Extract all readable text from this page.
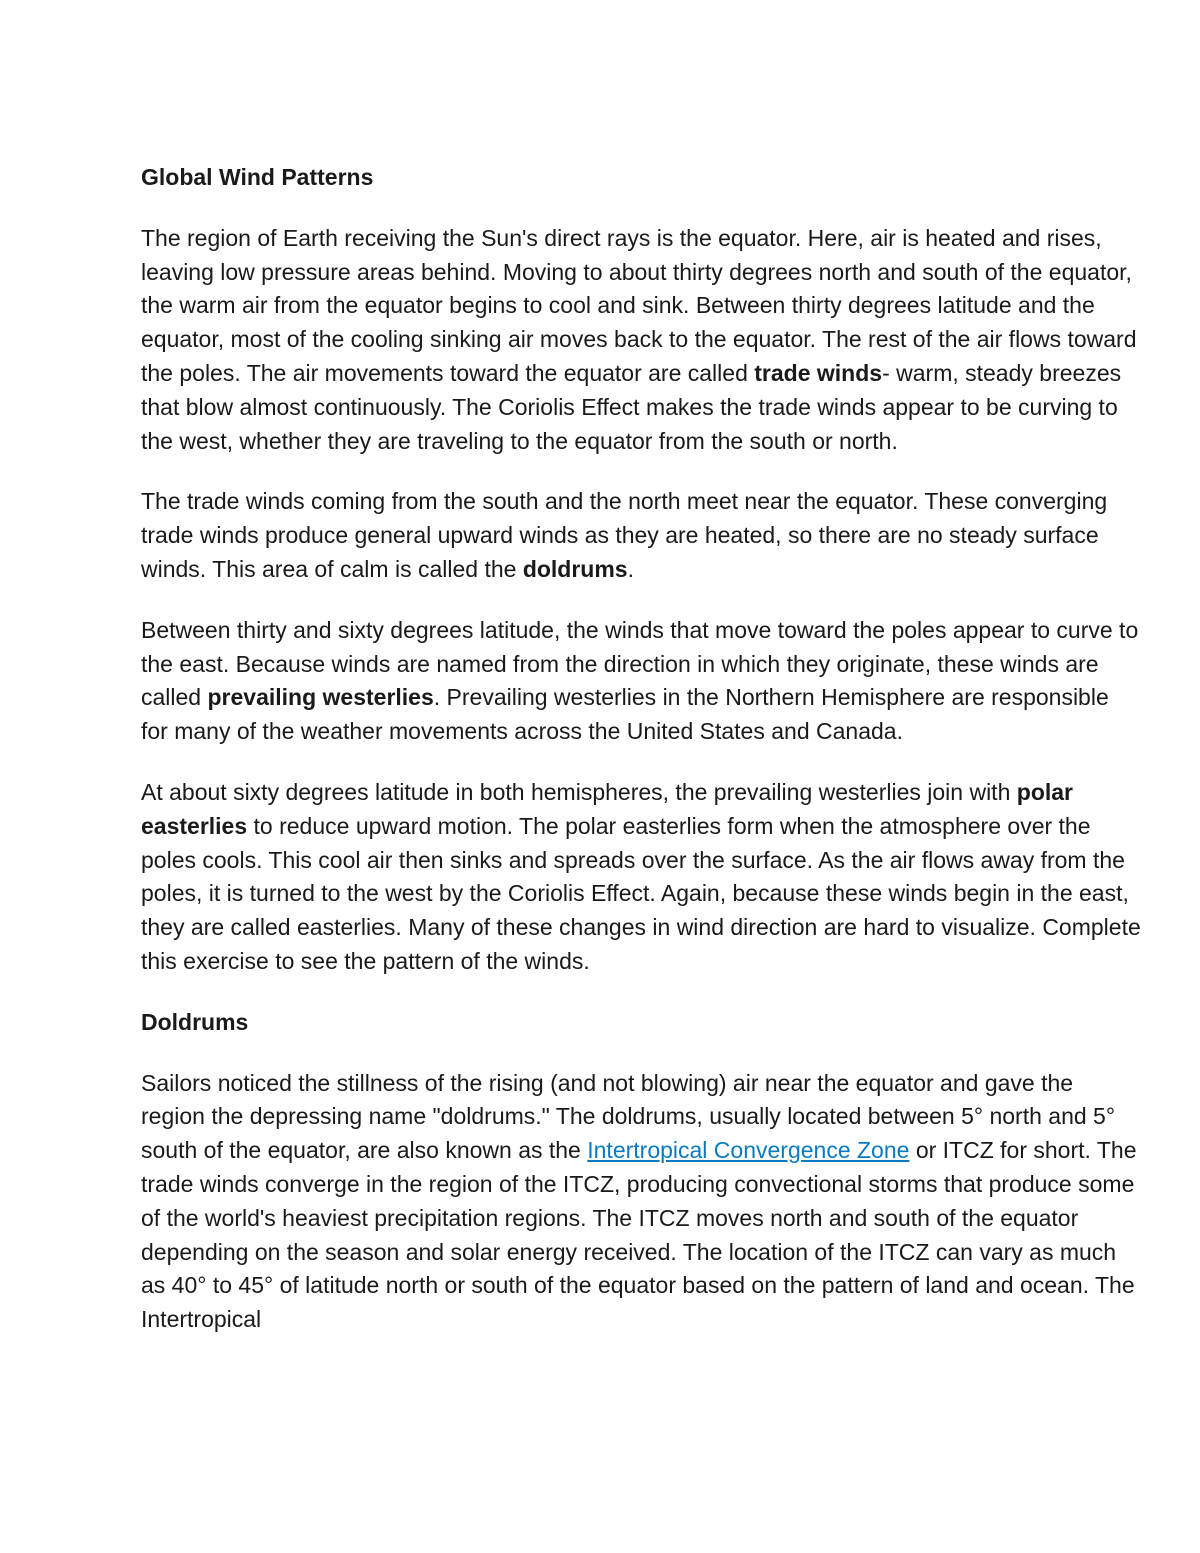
Global Wind Patterns

The region of Earth receiving the Sun's direct rays is the equator. Here, air is heated and rises, leaving low pressure areas behind. Moving to about thirty degrees north and south of the equator, the warm air from the equator begins to cool and sink. Between thirty degrees latitude and the equator, most of the cooling sinking air moves back to the equator. The rest of the air flows toward the poles. The air movements toward the equator are called trade winds- warm, steady breezes that blow almost continuously. The Coriolis Effect makes the trade winds appear to be curving to the west, whether they are traveling to the equator from the south or north.

The trade winds coming from the south and the north meet near the equator. These converging trade winds produce general upward winds as they are heated, so there are no steady surface winds. This area of calm is called the doldrums.

Between thirty and sixty degrees latitude, the winds that move toward the poles appear to curve to the east. Because winds are named from the direction in which they originate, these winds are called prevailing westerlies. Prevailing westerlies in the Northern Hemisphere are responsible for many of the weather movements across the United States and Canada.

At about sixty degrees latitude in both hemispheres, the prevailing westerlies join with polar easterlies to reduce upward motion. The polar easterlies form when the atmosphere over the poles cools. This cool air then sinks and spreads over the surface. As the air flows away from the poles, it is turned to the west by the Coriolis Effect. Again, because these winds begin in the east, they are called easterlies. Many of these changes in wind direction are hard to visualize. Complete this exercise to see the pattern of the winds.

Doldrums

Sailors noticed the stillness of the rising (and not blowing) air near the equator and gave the region the depressing name "doldrums." The doldrums, usually located between 5° north and 5° south of the equator, are also known as the Intertropical Convergence Zone or ITCZ for short. The trade winds converge in the region of the ITCZ, producing convectional storms that produce some of the world's heaviest precipitation regions. The ITCZ moves north and south of the equator depending on the season and solar energy received. The location of the ITCZ can vary as much as 40° to 45° of latitude north or south of the equator based on the pattern of land and ocean. The Intertropical
